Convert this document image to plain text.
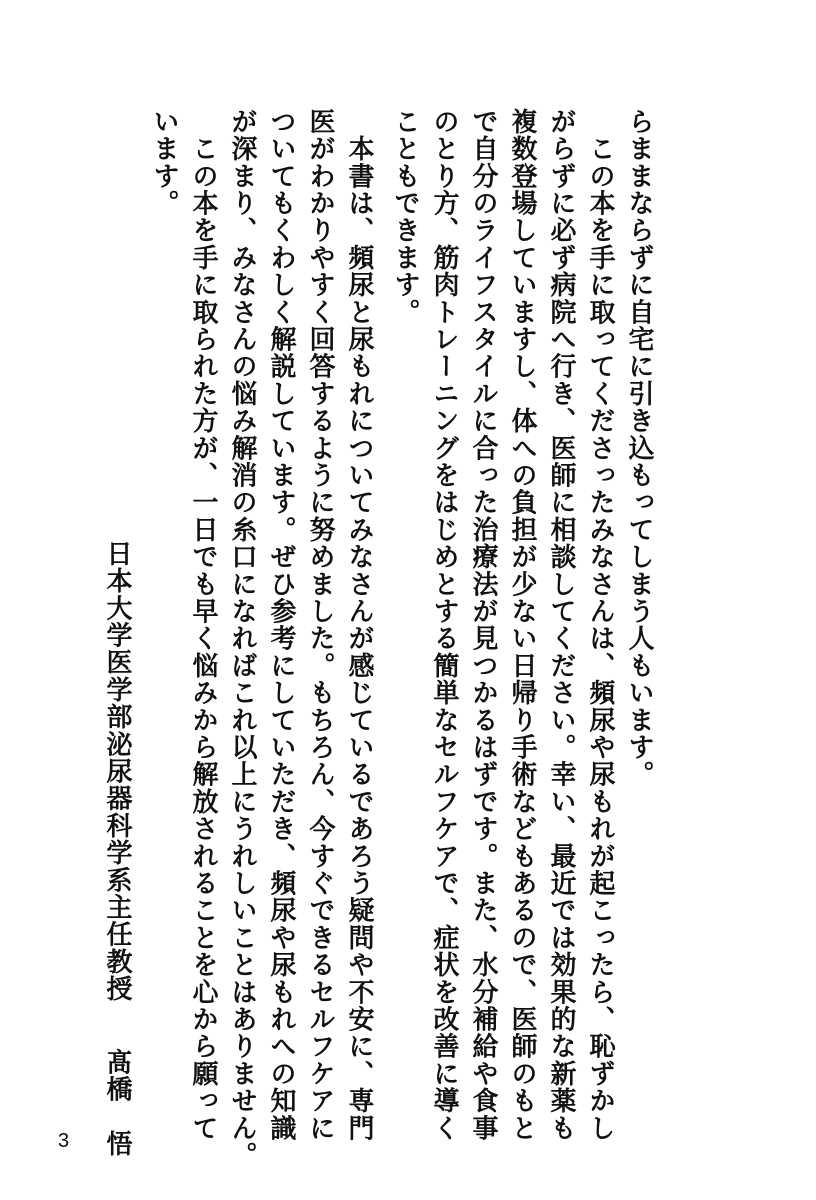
らままならずに自宅に引き込もってしまう人もいます。
　この本を手に取ってくださったみなさんは、頻尿や尿もれが起こったら、恥ずかし
がらずに必ず病院へ行き、医師に相談してください。幸い、最近では効果的な新薬も
複数登場していますし、体への負担が少ない日帰り手術などもあるので、医師のもと
で自分のライフスタイルに合った治療法が見つかるはずです。また、水分補給や食事
のとり方、筋肉トレーニングをはじめとする簡単なセルフケアで、症状を改善に導く
こともできます。
　本書は、頻尿と尿もれについてみなさんが感じているであろう疑問や不安に、専門
医がわかりやすく回答するように努めました。もちろん、今すぐできるセルフケアに
ついてもくわしく解説しています。ぜひ参考にしていただき、頻尿や尿もれへの知識
が深まり、みなさんの悩み解消の糸口になればこれ以上にうれしいことはありません。
　この本を手に取られた方が、一日でも早く悩みから解放されることを心から願って
います。
日本大学医学部泌尿器科学系主任教授髙橋　悟
3
